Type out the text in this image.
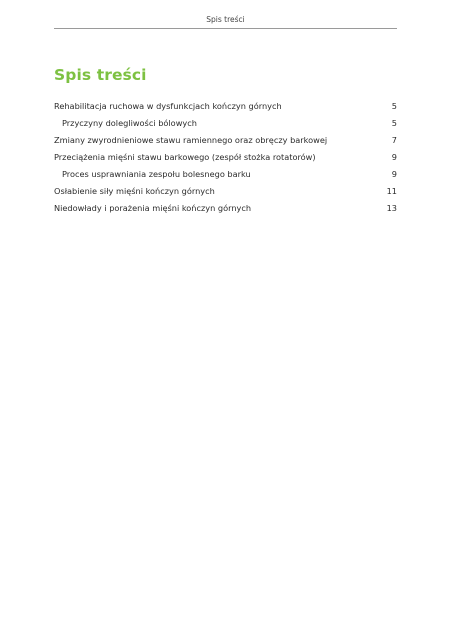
Spis treści
Spis treści
Rehabilitacja ruchowa w dysfunkcjach kończyn górnych	5
Przyczyny dolegliwości bólowych	5
Zmiany zwyrodnieniowe stawu ramiennego oraz obręczy barkowej	7
Przeciążenia mięśni stawu barkowego (zespół stożka rotatorów)	9
Proces usprawniania zespołu bolesnego barku	9
Osłabienie siły mięśni kończyn górnych	11
Niedowłady i porażenia mięśni kończyn górnych	13
